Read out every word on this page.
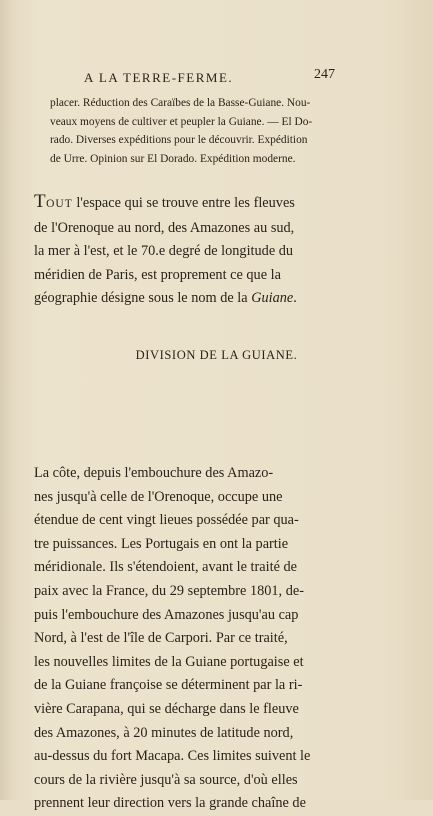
A LA TERRE-FERME.	247
placer. Réduction des Caraïbes de la Basse-Guiane. Nou-
veaux moyens de cultiver et peupler la Guiane. — El Do-
rado. Diverses expéditions pour le découvrir. Expédition
de Urre. Opinion sur El Dorado. Expédition moderne.
TOUT l'espace qui se trouve entre les fleuves
de l'Orenoque au nord, des Amazones au sud,
la mer à l'est, et le 70.e degré de longitude du
méridien de Paris, est proprement ce que la
géographie désigne sous le nom de la Guiane.
DIVISION DE LA GUIANE.
La côte, depuis l'embouchure des Amazo-
nes jusqu'à celle de l'Orenoque, occupe une
étendue de cent vingt lieues possédée par qua-
tre puissances. Les Portugais en ont la partie
méridionale. Ils s'étendoient, avant le traité de
paix avec la France, du 29 septembre 1801, de-
puis l'embouchure des Amazones jusqu'au cap
Nord, à l'est de l'île de Carpori. Par ce traité,
les nouvelles limites de la Guiane portugaise et
de la Guiane françoise se déterminent par la ri-
vière Carapana, qui se décharge dans le fleuve
des Amazones, à 20 minutes de latitude nord,
au-dessus du fort Macapa. Ces limites suivent le
cours de la rivière jusqu'à sa source, d'où elles
prennent leur direction vers la grande chaîne de
